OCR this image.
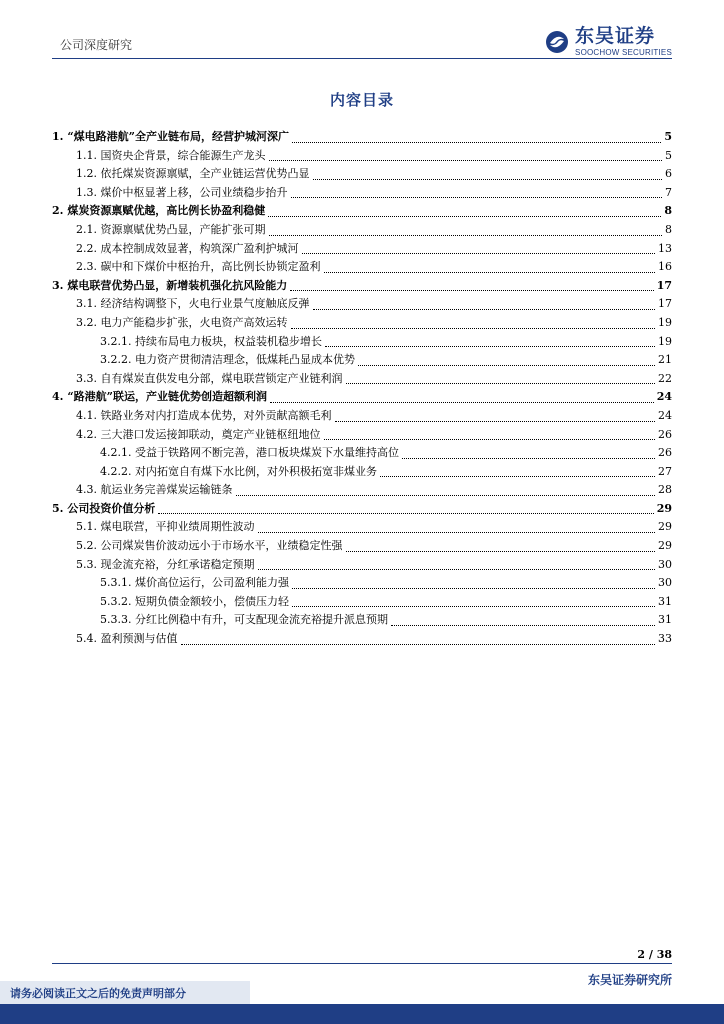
公司深度研究	东吴证券
SOOCHOW SECURITIES
内容目录
1. “煤电路港航”全产业链布局，经营护城河深广	5
1.1. 国资央企背景，综合能源生产龙头	5
1.2. 依托煤炭资源禀赋，全产业链运营优势凸显	6
1.3. 煤价中枢显著上移，公司业绩稳步抬升	7
2. 煤炭资源禀赋优越，高比例长协盈利稳健	8
2.1. 资源禀赋优势凸显，产能扩张可期	8
2.2. 成本控制成效显著，构筑深广盈利护城河	13
2.3. 碳中和下煤价中枢抬升，高比例长协锁定盈利	16
3. 煤电联营优势凸显，新增装机强化抗风险能力	17
3.1. 经济结构调整下，火电行业景气度触底反弹	17
3.2. 电力产能稳步扩张，火电资产高效运转	19
3.2.1. 持续布局电力板块，权益装机稳步增长	19
3.2.2. 电力资产贯彻清洁理念，低煤耗凸显成本优势	21
3.3. 自有煤炭直供发电分部，煤电联营锁定产业链利润	22
4. “路港航”联运，产业链优势创造超额利润	24
4.1. 铁路业务对内打造成本优势，对外贡献高额毛利	24
4.2. 三大港口发运接卸联动，奠定产业链枢纽地位	26
4.2.1. 受益于铁路网不断完善，港口板块煤炭下水量维持高位	26
4.2.2. 对内拓宽自有煤下水比例，对外积极拓宽非煤业务	27
4.3. 航运业务完善煤炭运输链条	28
5. 公司投资价值分析	29
5.1. 煤电联营，平抑业绩周期性波动	29
5.2. 公司煤炭售价波动远小于市场水平，业绩稳定性强	29
5.3. 现金流充裕，分红承诺稳定预期	30
5.3.1. 煤价高位运行，公司盈利能力强	30
5.3.2. 短期负债金额较小，偿债压力轻	31
5.3.3. 分红比例稳中有升，可支配现金流充裕提升派息预期	31
5.4. 盈利预测与估值	33
2 / 38
东吴证券研究所
请务必阅读正文之后的免责声明部分
